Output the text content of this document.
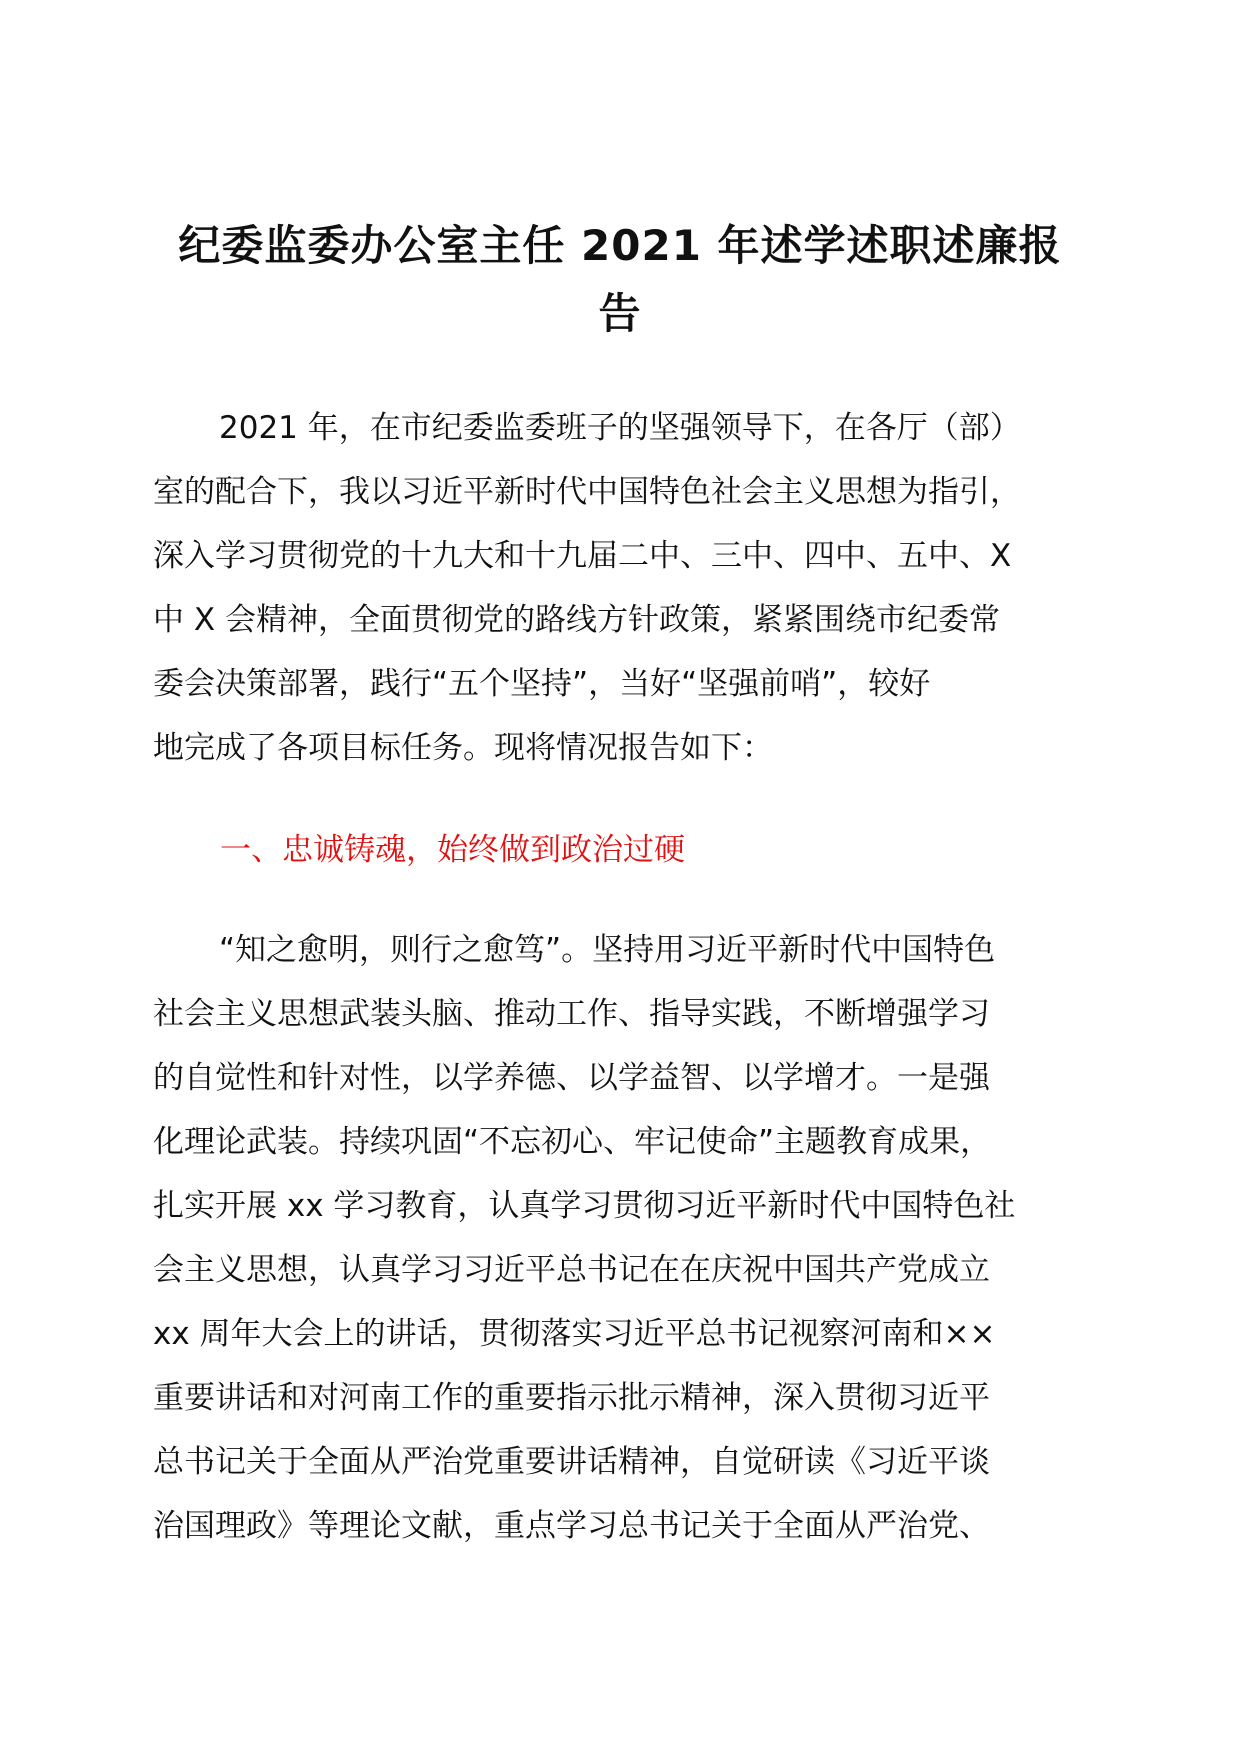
纪委监委办公室主任 2021 年述学述职述廉报
告

2021 年，在市纪委监委班子的坚强领导下，在各厅（部）

室的配合下，我以习近平新时代中国特色社会主义思想为指引，

深入学习贯彻党的十九大和十九届二中、三中、四中、五中、X

中 X 会精神，全面贯彻党的路线方针政策，紧紧围绕市纪委常

委会决策部署，践行“五个坚持”，当好“坚强前哨”，较好

地完成了各项目标任务。现将情况报告如下：

一、忠诚铸魂，始终做到政治过硬

“知之愈明，则行之愈笃”。坚持用习近平新时代中国特色

社会主义思想武装头脑、推动工作、指导实践，不断增强学习

的自觉性和针对性，以学养德、以学益智、以学增才。一是强

化理论武装。持续巩固“不忘初心、牢记使命”主题教育成果，

扎实开展 xx 学习教育，认真学习贯彻习近平新时代中国特色社

会主义思想，认真学习习近平总书记在在庆祝中国共产党成立

xx 周年大会上的讲话，贯彻落实习近平总书记视察河南和××

重要讲话和对河南工作的重要指示批示精神，深入贯彻习近平

总书记关于全面从严治党重要讲话精神，自觉研读《习近平谈

治国理政》等理论文献，重点学习总书记关于全面从严治党、
